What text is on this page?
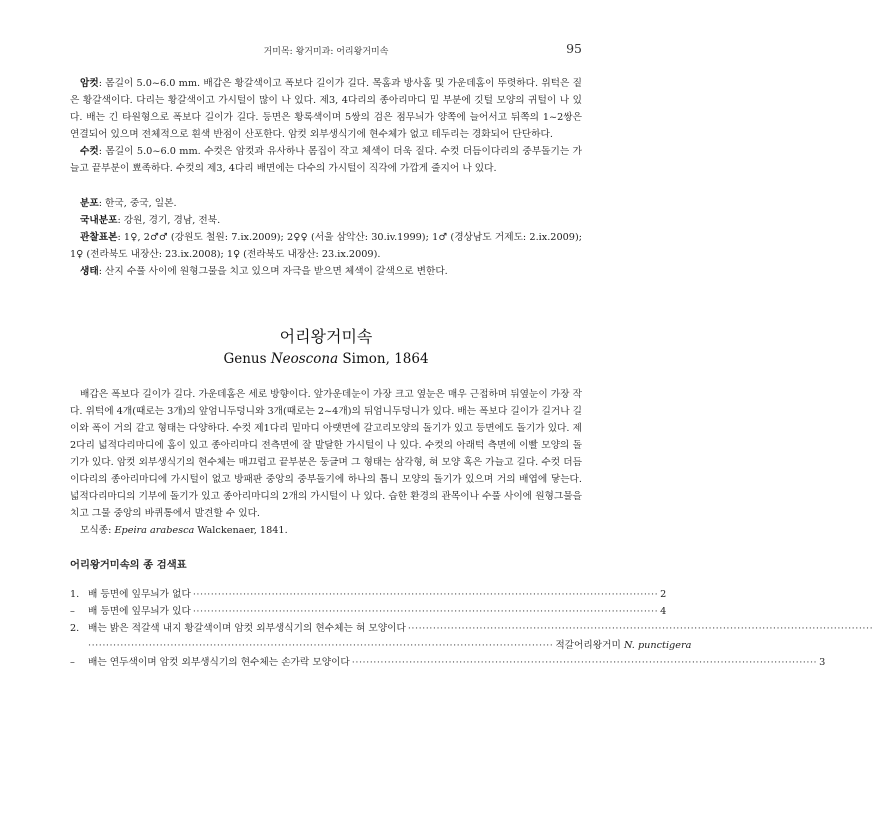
거미목: 왕거미과: 어리왕거미속	95

암컷: 몸길이 5.0~6.0 mm. 배갑은 황갈색이고 폭보다 길이가 길다. 목홈과 방사홈 및 가운데홈이 뚜렷하다. 위턱은 짙은 황갈색이다. 다리는 황갈색이고 가시털이 많이 나 있다. 제3, 4다리의 종아리마디 밑 부분에 깃털 모양의 귀털이 나 있다. 배는 긴 타원형으로 폭보다 길이가 길다. 등면은 황록색이며 5쌍의 검은 점무늬가 양쪽에 늘어서고 뒤쪽의 1~2쌍은 연결되어 있으며 전체적으로 흰색 반점이 산포한다. 암컷 외부생식기에 현수체가 없고 테두리는 경화되어 단단하다.

수컷: 몸길이 5.0~6.0 mm. 수컷은 암컷과 유사하나 몸집이 작고 체색이 더욱 짙다. 수컷 더듬이다리의 중부돌기는 가늘고 끝부분이 뾰족하다. 수컷의 제3, 4다리 배면에는 다수의 가시털이 직각에 가깝게 줄지어 나 있다.

분포: 한국, 중국, 일본.

국내분포: 강원, 경기, 경남, 전북.

관찰표본: 1♀, 2♂♂ (강원도 철원: 7.ix.2009); 2♀♀ (서울 삼악산: 30.iv.1999); 1♂ (경상남도 거제도: 2.ix.2009); 1♀ (전라북도 내장산: 23.ix.2008); 1♀ (전라북도 내장산: 23.ix.2009).

생태: 산지 수풀 사이에 원형그물을 치고 있으며 자극을 받으면 체색이 갈색으로 변한다.

어리왕거미속

Genus Neoscona Simon, 1864

배갑은 폭보다 길이가 길다. 가운데홈은 세로 방향이다. 앞가운데눈이 가장 크고 옆눈은 매우 근접하며 뒤옆눈이 가장 작다. 위턱에 4개(때로는 3개)의 앞엄니두덩니와 3개(때로는 2~4개)의 뒤엄니두덩니가 있다. 배는 폭보다 길이가 길거나 길이와 폭이 거의 같고 형태는 다양하다. 수컷 제1다리 밑마디 아랫면에 갈고리모양의 돌기가 있고 등면에도 돌기가 있다. 제2다리 넓적다리마디에 홈이 있고 종아리마디 전측면에 잘 발달한 가시털이 나 있다. 수컷의 아래턱 측면에 이빨 모양의 돌기가 있다. 암컷 외부생식기의 현수체는 매끄럽고 끝부분은 둥글며 그 형태는 삼각형, 혀 모양 혹은 가늘고 길다. 수컷 더듬이다리의 종아리마디에 가시털이 없고 방패판 중앙의 중부돌기에 하나의 톱니 모양의 돌기가 있으며 거의 배엽에 닿는다. 넓적다리마디의 기부에 돌기가 있고 종아리마디의 2개의 가시털이 나 있다. 습한 환경의 관목이나 수풀 사이에 원형그물을 치고 그물 중앙의 바퀴통에서 발견할 수 있다.

모식종: Epeira arabesca Walckenaer, 1841.

어리왕거미속의 종 검색표

1. 배 등면에 잎무늬가 없다 ·································································································································· 2
–	배 등면에 잎무늬가 있다 ·································································································································· 4
2. 배는 밝은 적갈색 내지 황갈색이며 암컷 외부생식기의 현수체는 혀 모양이다 ··································································································································
·································································································································· 적갈어리왕거미 N. punctigera
–	배는 연두색이며 암컷 외부생식기의 현수체는 손가락 모양이다 ·································································································································· 3
